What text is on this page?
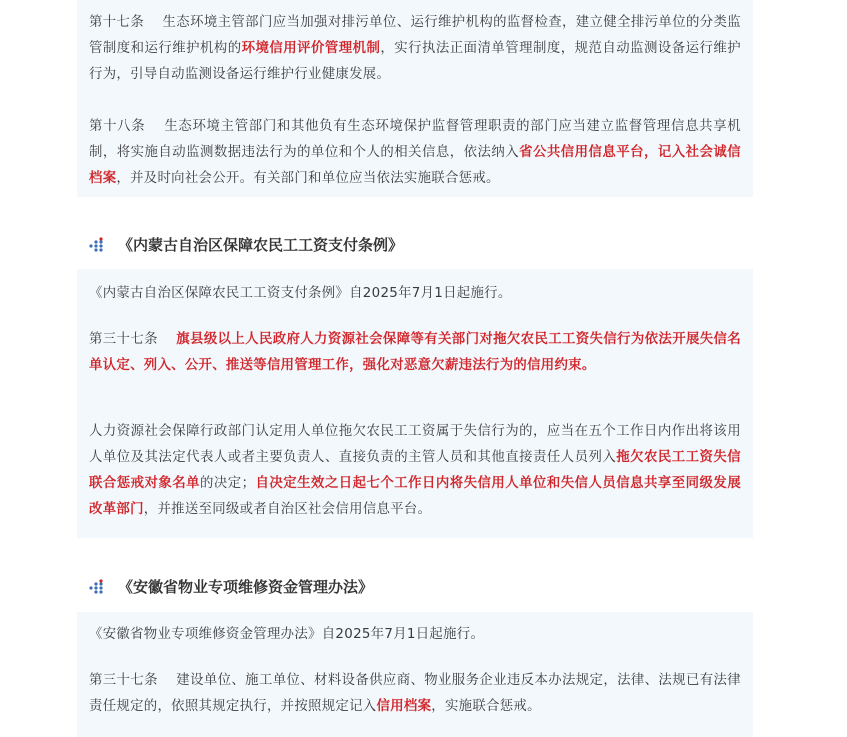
第十七条　 生态环境主管部门应当加强对排污单位、运行维护机构的监督检查，建立健全排污单位的分类监管制度和运行维护机构的环境信用评价管理机制，实行执法正面清单管理制度，规范自动监测设备运行维护行为，引导自动监测设备运行维护行业健康发展。

第十八条　 生态环境主管部门和其他负有生态环境保护监督管理职责的部门应当建立监督管理信息共享机制，将实施自动监测数据违法行为的单位和个人的相关信息，依法纳入省公共信用信息平台，记入社会诚信档案，并及时向社会公开。有关部门和单位应当依法实施联合惩戒。

《内蒙古自治区保障农民工工资支付条例》

《内蒙古自治区保障农民工工资支付条例》自2025年7月1日起施行。

第三十七条　 旗县级以上人民政府人力资源社会保障等有关部门对拖欠农民工工资失信行为依法开展失信名单认定、列入、公开、推送等信用管理工作，强化对恶意欠薪违法行为的信用约束。

人力资源社会保障行政部门认定用人单位拖欠农民工工资属于失信行为的，应当在五个工作日内作出将该用人单位及其法定代表人或者主要负责人、直接负责的主管人员和其他直接责任人员列入拖欠农民工工资失信联合惩戒对象名单的决定；自决定生效之日起七个工作日内将失信用人单位和失信人员信息共享至同级发展改革部门，并推送至同级或者自治区社会信用信息平台。

《安徽省物业专项维修资金管理办法》

《安徽省物业专项维修资金管理办法》自2025年7月1日起施行。

第三十七条　 建设单位、施工单位、材料设备供应商、物业服务企业违反本办法规定，法律、法规已有法律责任规定的，依照其规定执行，并按照规定记入信用档案，实施联合惩戒。
